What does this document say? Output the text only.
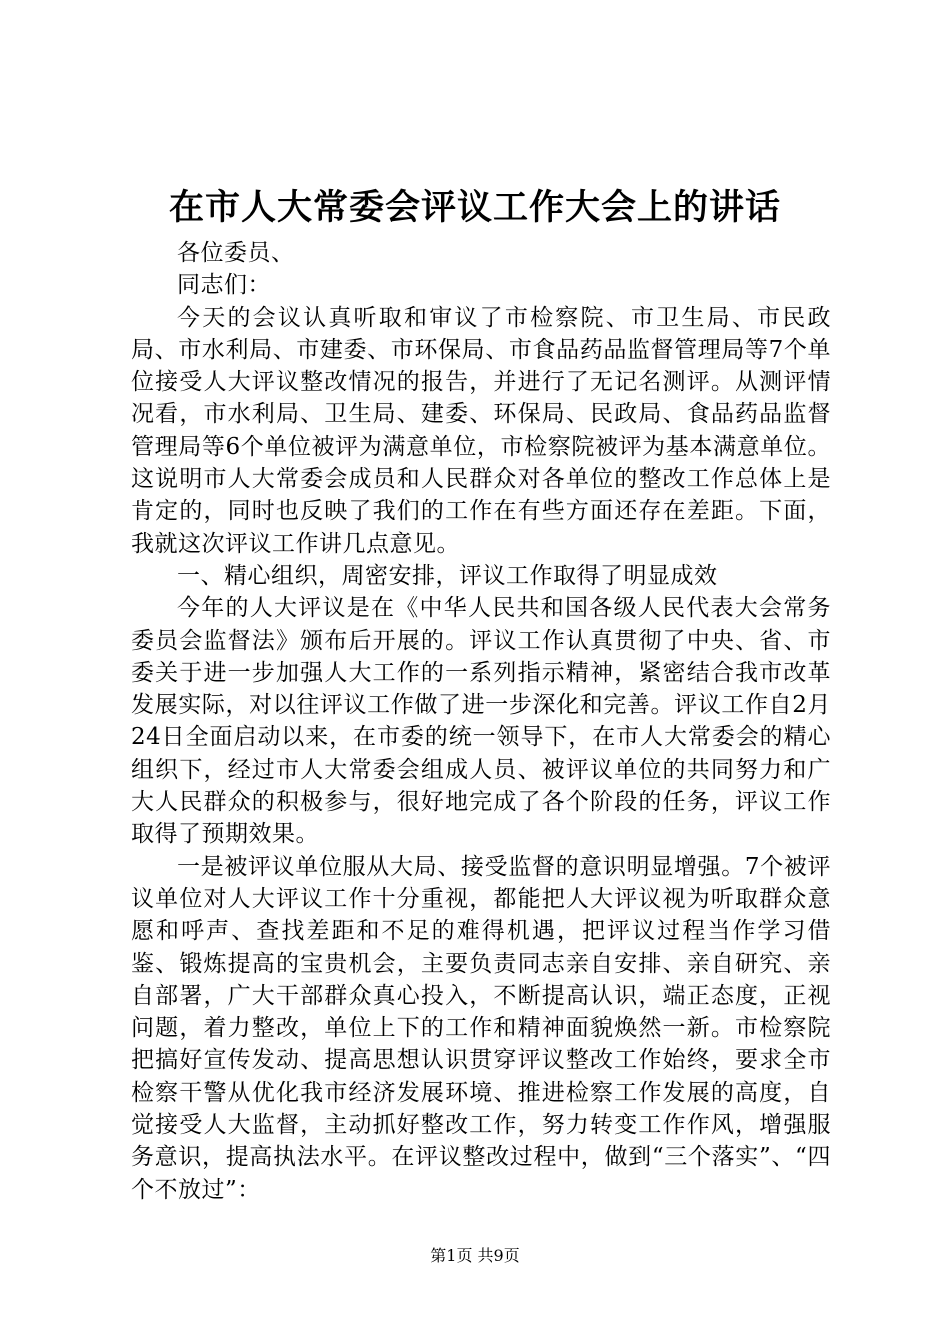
在市人大常委会评议工作大会上的讲话

各位委员、

同志们：

今天的会议认真听取和审议了市检察院、市卫生局、市民政局、市水利局、市建委、市环保局、市食品药品监督管理局等7个单位接受人大评议整改情况的报告，并进行了无记名测评。从测评情况看，市水利局、卫生局、建委、环保局、民政局、食品药品监督管理局等6个单位被评为满意单位，市检察院被评为基本满意单位。这说明市人大常委会成员和人民群众对各单位的整改工作总体上是肯定的，同时也反映了我们的工作在有些方面还存在差距。下面，我就这次评议工作讲几点意见。

一、精心组织，周密安排，评议工作取得了明显成效

今年的人大评议是在《中华人民共和国各级人民代表大会常务委员会监督法》颁布后开展的。评议工作认真贯彻了中央、省、市委关于进一步加强人大工作的一系列指示精神，紧密结合我市改革发展实际，对以往评议工作做了进一步深化和完善。评议工作自2月24日全面启动以来，在市委的统一领导下，在市人大常委会的精心组织下，经过市人大常委会组成人员、被评议单位的共同努力和广大人民群众的积极参与，很好地完成了各个阶段的任务，评议工作取得了预期效果。

一是被评议单位服从大局、接受监督的意识明显增强。7个被评议单位对人大评议工作十分重视，都能把人大评议视为听取群众意愿和呼声、查找差距和不足的难得机遇，把评议过程当作学习借鉴、锻炼提高的宝贵机会，主要负责同志亲自安排、亲自研究、亲自部署，广大干部群众真心投入，不断提高认识，端正态度，正视问题，着力整改，单位上下的工作和精神面貌焕然一新。市检察院把搞好宣传发动、提高思想认识贯穿评议整改工作始终，要求全市检察干警从优化我市经济发展环境、推进检察工作发展的高度，自觉接受人大监督，主动抓好整改工作，努力转变工作作风，增强服务意识，提高执法水平。在评议整改过程中，做到“三个落实”、“四个不放过”：

第1页 共9页
